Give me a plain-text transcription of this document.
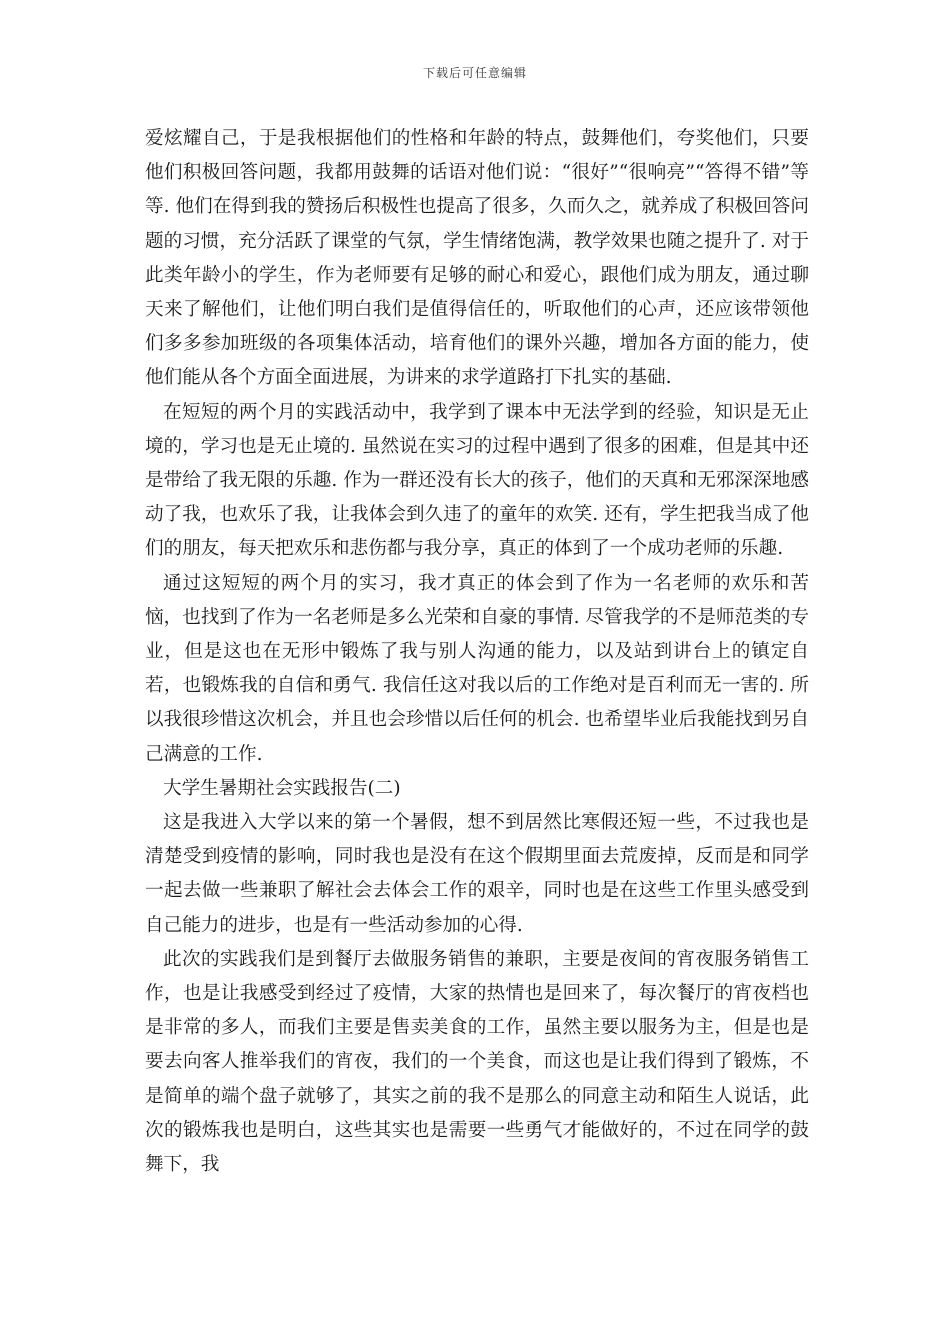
下载后可任意编辑

爱炫耀自己，于是我根据他们的性格和年龄的特点，鼓舞他们，夸奖他们，只要他们积极回答问题，我都用鼓舞的话语对他们说：“很好”“很响亮”“答得不错”等等. 他们在得到我的赞扬后积极性也提高了很多，久而久之，就养成了积极回答问题的习惯，充分活跃了课堂的气氛，学生情绪饱满，教学效果也随之提升了. 对于此类年龄小的学生，作为老师要有足够的耐心和爱心，跟他们成为朋友，通过聊天来了解他们，让他们明白我们是值得信任的，听取他们的心声，还应该带领他们多多参加班级的各项集体活动，培育他们的课外兴趣，增加各方面的能力，使他们能从各个方面全面进展，为讲来的求学道路打下扎实的基础.

在短短的两个月的实践活动中，我学到了课本中无法学到的经验，知识是无止境的，学习也是无止境的. 虽然说在实习的过程中遇到了很多的困难，但是其中还是带给了我无限的乐趣. 作为一群还没有长大的孩子，他们的天真和无邪深深地感动了我，也欢乐了我，让我体会到久违了的童年的欢笑. 还有，学生把我当成了他们的朋友，每天把欢乐和悲伤都与我分享，真正的体到了一个成功老师的乐趣.

通过这短短的两个月的实习，我才真正的体会到了作为一名老师的欢乐和苦恼，也找到了作为一名老师是多么光荣和自豪的事情. 尽管我学的不是师范类的专业，但是这也在无形中锻炼了我与别人沟通的能力，以及站到讲台上的镇定自若，也锻炼我的自信和勇气. 我信任这对我以后的工作绝对是百利而无一害的. 所以我很珍惜这次机会，并且也会珍惜以后任何的机会. 也希望毕业后我能找到另自己满意的工作.

大学生暑期社会实践报告(二)

这是我进入大学以来的第一个暑假，想不到居然比寒假还短一些，不过我也是清楚受到疫情的影响，同时我也是没有在这个假期里面去荒废掉，反而是和同学一起去做一些兼职了解社会去体会工作的艰辛，同时也是在这些工作里头感受到自己能力的进步，也是有一些活动参加的心得.

此次的实践我们是到餐厅去做服务销售的兼职，主要是夜间的宵夜服务销售工作，也是让我感受到经过了疫情，大家的热情也是回来了，每次餐厅的宵夜档也是非常的多人，而我们主要是售卖美食的工作，虽然主要以服务为主，但是也是要去向客人推举我们的宵夜，我们的一个美食，而这也是让我们得到了锻炼，不是简单的端个盘子就够了，其实之前的我不是那么的同意主动和陌生人说话，此次的锻炼我也是明白，这些其实也是需要一些勇气才能做好的，不过在同学的鼓舞下，我
